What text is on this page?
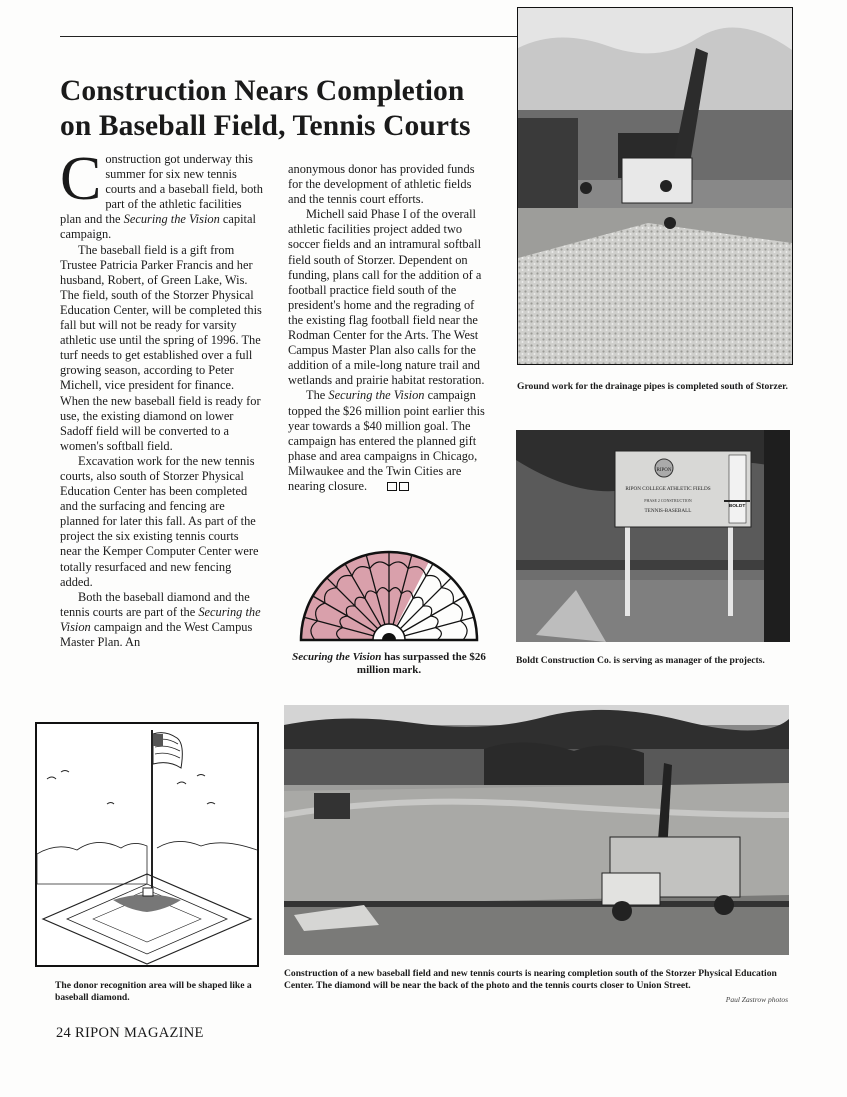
Construction Nears Completion
on Baseball Field, Tennis Courts

Construction got underway this summer for six new tennis courts and a baseball field, both part of the athletic facilities plan and the Securing the Vision capital campaign.

The baseball field is a gift from Trustee Patricia Parker Francis and her husband, Robert, of Green Lake, Wis. The field, south of the Storzer Physical Education Center, will be completed this fall but will not be ready for varsity athletic use until the spring of 1996. The turf needs to get established over a full growing season, according to Peter Michell, vice president for finance. When the new baseball field is ready for use, the existing diamond on lower Sadoff field will be converted to a women's softball field.

Excavation work for the new tennis courts, also south of Storzer Physical Education Center has been completed and the surfacing and fencing are planned for later this fall. As part of the project the six existing tennis courts near the Kemper Computer Center were totally resurfaced and new fencing added.

Both the baseball diamond and the tennis courts are part of the Securing the Vision campaign and the West Campus Master Plan. An

anonymous donor has provided funds for the development of athletic fields and the tennis court efforts.

Michell said Phase I of the overall athletic facilities project added two soccer fields and an intramural softball field south of Storzer. Dependent on funding, plans call for the addition of a football practice field south of the president's home and the regrading of the existing flag football field near the Rodman Center for the Arts. The West Campus Master Plan also calls for the addition of a mile-long nature trail and wetlands and prairie habitat restoration.

The Securing the Vision campaign topped the $26 million point earlier this year towards a $40 million goal. The campaign has entered the planned gift phase and area campaigns in Chicago, Milwaukee and the Twin Cities are nearing closure.

Securing the Vision has surpassed the $26 million mark.
Ground work for the drainage pipes is completed south of Storzer.
RIPON
RIPON COLLEGE ATHLETIC FIELDS
PHASE 2 CONSTRUCTION
TENNIS-BASEBALL
BOLDT
Boldt Construction Co. is serving as manager of the projects.
The donor recognition area will be shaped like a baseball diamond.
Construction of a new baseball field and new tennis courts is nearing completion south of the Storzer Physical Education Center. The diamond will be near the back of the photo and the tennis courts closer to Union Street.
Paul Zastrow photos
24 RIPON MAGAZINE
